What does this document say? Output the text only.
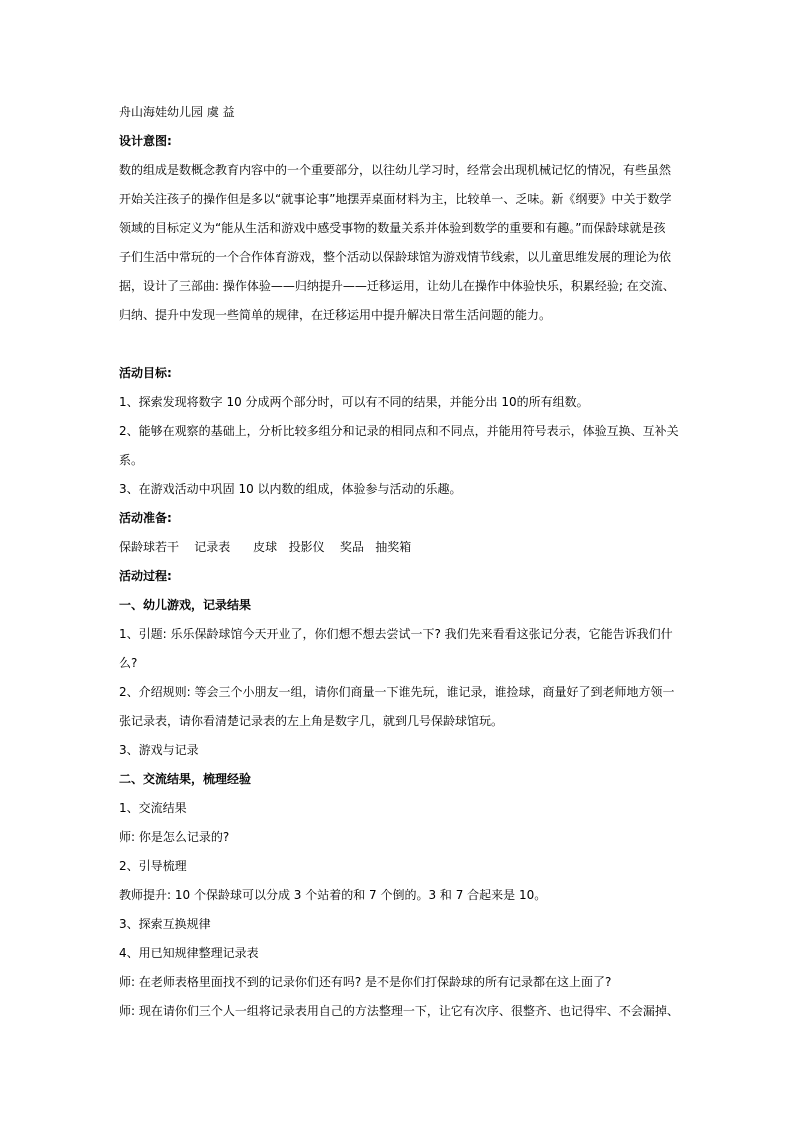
舟山海娃幼儿园 虞 益
设计意图:
数的组成是数概念教育内容中的一个重要部分，以往幼儿学习时，经常会出现机械记忆的情况，有些虽然
开始关注孩子的操作但是多以“就事论事”地摆弄桌面材料为主，比较单一、乏味。新《纲要》中关于数学
领域的目标定义为“能从生活和游戏中感受事物的数量关系并体验到数学的重要和有趣。”而保龄球就是孩
子们生活中常玩的一个合作体育游戏，整个活动以保龄球馆为游戏情节线索，以儿童思维发展的理论为依
据，设计了三部曲: 操作体验——归纳提升——迁移运用，让幼儿在操作中体验快乐，积累经验; 在交流、
归纳、提升中发现一些简单的规律，在迁移运用中提升解决日常生活问题的能力。
活动目标:
1、探索发现将数字 10 分成两个部分时，可以有不同的结果，并能分出 10的所有组数。
2、能够在观察的基础上，分析比较多组分和记录的相同点和不同点，并能用符号表示，体验互换、互补关
系。
3、在游戏活动中巩固 10 以内数的组成，体验参与活动的乐趣。
活动准备:
保龄球若干    记录表      皮球   投影仪    奖品   抽奖箱
活动过程:
一、幼儿游戏，记录结果
1、引题: 乐乐保龄球馆今天开业了，你们想不想去尝试一下? 我们先来看看这张记分表，它能告诉我们什
么?
2、介绍规则: 等会三个小朋友一组，请你们商量一下谁先玩，谁记录，谁捡球，商量好了到老师地方领一
张记录表，请你看清楚记录表的左上角是数字几，就到几号保龄球馆玩。
3、游戏与记录
二、交流结果，梳理经验
1、交流结果
师: 你是怎么记录的?
2、引导梳理
教师提升: 10 个保龄球可以分成 3 个站着的和 7 个倒的。3 和 7 合起来是 10。
3、探索互换规律
4、用已知规律整理记录表
师: 在老师表格里面找不到的记录你们还有吗? 是不是你们打保龄球的所有记录都在这上面了?
师: 现在请你们三个人一组将记录表用自己的方法整理一下，让它有次序、很整齐、也记得牢、不会漏掉、
